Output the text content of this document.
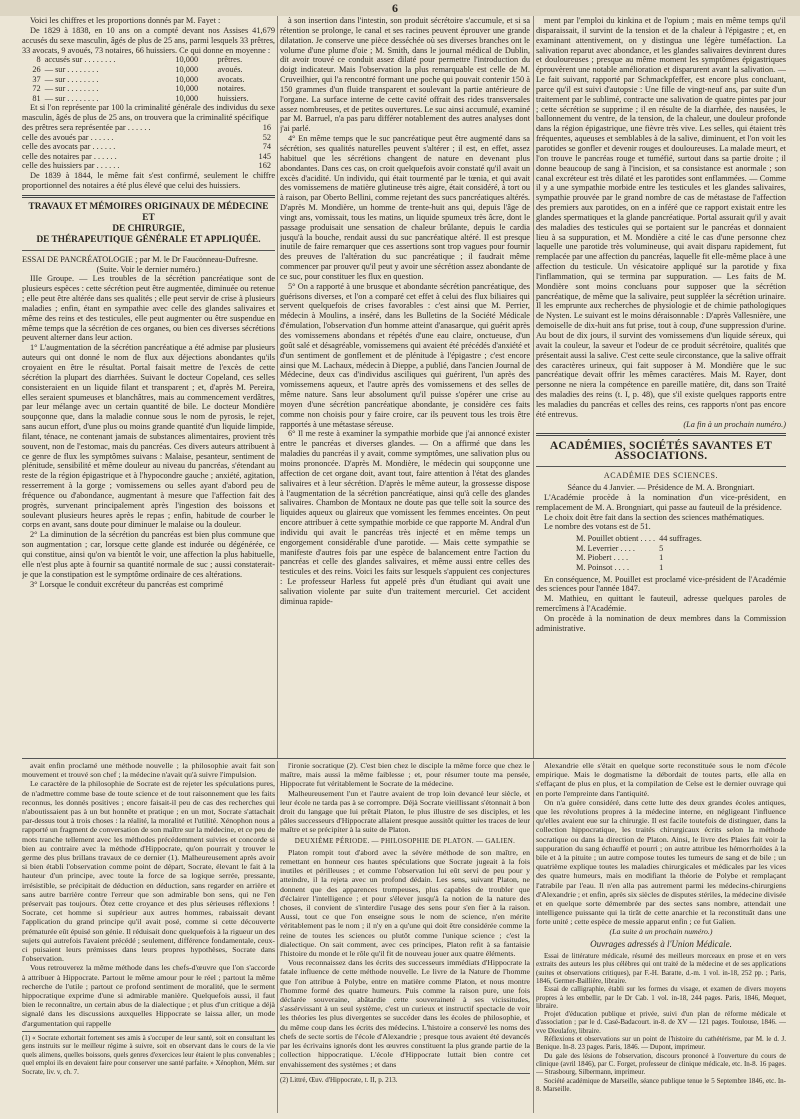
6

Voici les chiffres et les proportions donnés par M. Fayet :

De 1829 à 1838, en 10 ans on a compté devant nos Assises 41,679 accusés du sexe masculin, âgés de plus de 25 ans, parmi lesquels 33 prêtres, 33 avocats, 9 avoués, 73 notaires, 66 huissiers. Ce qui donne en moyenne :

8	accusés sur . . . . . . . .	10,000	prêtres.
26	— sur . . . . . . . .	10,000	avoués.
37	— sur . . . . . . . .	10,000	avocats.
72	— sur . . . . . . . .	10,000	notaires.
81	— sur . . . . . . . .	10,000	huissiers.

Et si l'on représente par 100 la criminalité générale des individus du sexe masculin, âgés de plus de 25 ans, on trouvera que la criminalité spécifique

des prêtres sera représentée par . . . . . .	16
celle des avoués par . . . . . .	52
celle des avocats par . . . . . .	74
celle des notaires par . . . . . .	145
celle des huissiers par . . . . . .	162

De 1839 à 1844, le même fait s'est confirmé, seulement le chiffre proportionnel des notaires a été plus élevé que celui des huissiers.

TRAVAUX ET MÉMOIRES ORIGINAUX DE MÉDECINE ET
DE CHIRURGIE,
DE THÉRAPEUTIQUE GÉNÉRALE ET APPLIQUÉE.

ESSAI DE PANCRÉATOLOGIE ; par M. le Dr Faucönneau-Dufresne.

(Suite. Voir le dernier numéro.)

IIIe Groupe. — Les troubles de la sécrétion pancréatique sont de plusieurs espèces : cette sécrétion peut être augmentée, diminuée ou retenue ; elle peut être altérée dans ses qualités ; elle peut servir de crise à plusieurs maladies ; enfin, étant en sympathie avec celle des glandes salivaires et même des reins et des testicules, elle peut augmenter ou être suspendue en même temps que la sécrétion de ces organes, ou bien ces diverses sécrétions peuvent alterner dans leur action.

1° L'augmentation de la sécrétion pancréatique a été admise par plusieurs auteurs qui ont donné le nom de flux aux déjections abondantes qu'ils croyaient en être le résultat. Portal faisait mettre de l'excès de cette sécrétion la plupart des diarrhées. Suivant le docteur Copeland, ces selles consisteraient en un liquide filant et transparent ; et, d'après M. Pereira, elles seraient spumeuses et blanchâtres, mais au commencement verdâtres, par leur mélange avec un certain quantité de bile. Le docteur Mondière soupçonne que, dans la maladie connue sous le nom de pyrosis, le rejet, sans aucun effort, d'une plus ou moins grande quantité d'un liquide limpide, filant, ténace, ne contenant jamais de substances alimentaires, provient très souvent, non de l'estomac, mais du pancréas. Ces divers auteurs attribuent à ce genre de flux les symptômes suivans : Malaise, pesanteur, sentiment de plénitude, sensibilité et même douleur au niveau du pancréas, s'étendant au reste de la région épigastrique et à l'hypocondre gauche ; anxiété, agitation, resserrement à la gorge ; vomissemens ou selles ayant d'abord peu de fréquence ou d'abondance, augmentant à mesure que l'affection fait des progrès, survenant principalement après l'ingestion des boissons et soulevant plusieurs heures après le repas ; enfin, habitude de courber le corps en avant, sans doute pour diminuer le malaise ou la douleur.

2° La diminution de la sécrétion du pancréas est bien plus commune que son augmentation ; car, lorsque cette glande est indurée ou dégénérée, ce qui constitue, ainsi qu'on va bientôt le voir, une affection la plus habituelle, elle n'est plus apte à fournir sa quantité normale de suc ; aussi constaterait-je que la constipation est le symptôme ordinaire de ces altérations.

3° Lorsque le conduit excréteur du pancréas est comprimé

à son insertion dans l'intestin, son produit sécrétoire s'accumule, et si sa rétention se prolonge, le canal et ses racines peuvent éprouver une grande dilatation. Je conserve une pièce desséchée où ses diverses branches ont le volume d'une plume d'oie ; M. Smith, dans le journal médical de Dublin, dit avoir trouvé ce conduit assez dilaté pour permettre l'introduction du doigt indicateur. Mais l'observation la plus remarquable est celle de M. Cruveilhier, qui l'a rencontré formant une poche qui pouvait contenir 150 à 150 grammes d'un fluide transparent et soulevant la partie antérieure de l'organe. La surface interne de cette cavité offrait des rides transversales assez nombreuses, et de petites ouvertures. Le suc ainsi accumulé, examiné par M. Barruel, n'a pas paru différer notablement des autres analyses dont j'ai parlé.

4° En même temps que le suc pancréatique peut être augmenté dans sa sécrétion, ses qualités naturelles peuvent s'altérer ; il est, en effet, assez habituel que les sécrétions changent de nature en devenant plus abondantes. Dans ces cas, on croit quelquefois avoir constaté qu'il avait un excès d'acidité. Un individu, qui était tourmenté par le tœnia, et qui avait des vomissemens de matière glutineuse très aigre, était considéré, à tort ou à raison, par Oberto Bellini, comme rejetant des sucs pancréatiques altérés. D'après M. Mondière, un homme de trente-huit ans qui, depuis l'âge de vingt ans, vomissait, tous les matins, un liquide spumeux très âcre, dont le passage produisait une sensation de chaleur brûlante, depuis le cardia jusqu'à la bouche, rendait aussi du suc pancréatique altéré. Il est presque inutile de faire remarquer que ces assertions sont trop vagues pour fournir des preuves de l'altération du suc pancréatique ; il faudrait même commencer par prouver qu'il peut y avoir une sécrétion assez abondante de ce suc, pour constituer les flux en question.

5° On a rapporté à une brusque et abondante sécrétion pancréatique, des guérisons diverses, et l'on a comparé cet effet à celui des flux biliaires qui servent quelquefois de crises favorables : c'est ainsi que M. Perrier, médecin à Moulins, a inséré, dans les Bulletins de la Société Médicale d'émulation, l'observation d'un homme atteint d'anasarque, qui guérit après des vomissemens abondans et répétés d'une eau claire, onctueuse, d'un goût salé et désagréable, vomissemens qui avaient été précédés d'anxiété et d'un sentiment de gonflement et de plénitude à l'épigastre ; c'est encore ainsi que M. Lachaux, médecin à Dieppe, a publié, dans l'ancien Journal de Médecine, deux cas d'individus asciliques qui guérirent, l'un après des vomissemens aqueux, et l'autre après des vomissemens et des selles de même nature. Sans leur absolument qu'il puisse s'opérer une crise au moyen d'une sécrétion pancréatique abondante, je considère ces faits comme non choisis pour y faire croire, car ils peuvent tous les trois être rapportés à une métastase séreuse.

6° Il me reste à examiner la sympathie morbide que j'ai annoncé exister entre le pancréas et diverses glandes. — On a affirmé que dans les maladies du pancréas il y avait, comme symptômes, une salivation plus ou moins prononcée. D'après M. Mondière, le médecin qui soupçonne une affection de cet organe doit, avant tout, faire attention à l'état des glandes salivaires et à leur sécrétion. D'après le même auteur, la grossesse dispose à l'augmentation de la sécrétion pancréatique, ainsi qu'à celle des glandes salivaires. Chambon de Montaux ne doute pas que telle soit la source des liquides aqueux ou glaireux que vomissent les femmes enceintes. On peut encore attribuer à cette sympathie morbide ce que rapporte M. Andral d'un individu qui avait le pancréas très injecté et en même temps un engorgement considérable d'une parotide. — Mais cette sympathie se manifeste d'autres fois par une espèce de balancement entre l'action du pancréas et celle des glandes salivaires, et même aussi entre celles des testicules et des reins. Voici les faits sur lesquels s'appuient ces conjectures : Le professeur Harless fut appelé près d'un étudiant qui avait une salivation violente par suite d'un traitement mercuriel. Cet accident diminua rapide-

ment par l'emploi du kinkina et de l'opium ; mais en même temps qu'il disparaissait, il survint de la tension et de la chaleur à l'épigastre ; et, en examinant attentivement, on y distingua une légère tuméfaction. La salivation reparut avec abondance, et les glandes salivaires devinrent dures et douloureuses ; presque au même moment les symptômes épigastriques éprouvèrent une notable amélioration et disparurent avant la salivation. — Le fait suivant, rapporté par Schmackpfeffer, est encore plus concluant, parce qu'il est suivi d'autopsie : Une fille de vingt-neuf ans, par suite d'un traitement par le sublimé, contracte une salivation de quatre pintes par jour ; cette sécrétion se supprime ; il en résulte de la diarrhée, des nausées, le ballonnement du ventre, de la tension, de la chaleur, une douleur profonde dans la région épigastrique, une fièvre très vive. Les selles, qui étaient très fréquentes, aqueuses et semblables à de la salive, diminuent, et l'on voit les parotides se gonfler et devenir rouges et douloureuses. La malade meurt, et l'on trouve le pancréas rouge et tuméfié, surtout dans sa partie droite ; il donne beaucoup de sang à l'incision, et sa consistance est anormale ; son canal excréteur est très dilaté et les parotides sont enflammées. — Comme il y a une sympathie morbide entre les testicules et les glandes salivaires, sympathie prouvée par le grand nombre de cas de métastase de l'affection des premiers aux parotides, on en a inféré que ce rapport existait entre les glandes spermatiques et la glande pancréatique. Portal assurait qu'il y avait des maladies des testicules qui se portaient sur le pancréas et donnaient lieu à sa suppuration, et M. Mondière a cité le cas d'une personne chez laquelle une parotide très volumineuse, qui avait disparu rapidement, fut remplacée par une affection du pancréas, laquelle fit elle-même place à une affection du testicule. Un vésicatoire appliqué sur la parotide y fixa l'inflammation, qui se termina par suppuration. — Les faits de M. Mondière sont moins concluans pour supposer que la sécrétion pancréatique, de même que la salivaire, peut suppléer la sécrétion urinaire. Il les emprunte aux recherches de physiologie et de chimie pathologiques de Nysten. Le suivant est le moins déraisonnable : D'après Vallesnière, une demoiselle de dix-huit ans fut prise, tout à coup, d'une suppression d'urine. Au bout de dix jours, il survint des vomissemens d'un liquide séreux, qui avait la couleur, la saveur et l'odeur de ce produit sécrétoire, qualités que présentait aussi la salive. C'est cette seule circonstance, que la salive offrait des caractères urineux, qui fait supposer à M. Mondière que le suc pancréatique devait offrir les mêmes caractères. Mais M. Rayer, dont personne ne niera la compétence en pareille matière, dit, dans son Traité des maladies des reins (t. I, p. 48), que s'il existe quelques rapports entre les maladies du pancréas et celles des reins, ces rapports n'ont pas encore été entrevus.

(La fin à un prochain numéro.)

ACADÉMIES, SOCIÉTÉS SAVANTES ET ASSOCIATIONS.
ACADÉMIE DES SCIENCES.

Séance du 4 Janvier. — Présidence de M. A. Brongniart.

L'Académie procède à la nomination d'un vice-président, en remplacement de M. A. Brongniart, qui passe au fauteuil de la présidence.

Le choix doit être fait dans la section des sciences mathématiques.

Le nombre des votans est de 51.

M. Pouillet obtient . . . .	44 suffrages.
M. Leverrier . . . .	5
M. Piobert . . . .	1
M. Poinsot . . . .	1

En conséquence, M. Pouillet est proclamé vice-président de l'Académie des sciences pour l'année 1847.

M. Mathieu, en quittant le fauteuil, adresse quelques paroles de remercîmens à l'Académie.

On procède à la nomination de deux membres dans la Commission administrative.

avait enfin proclamé une méthode nouvelle ; la philosophie avait fait son mouvement et trouvé son chef ; la médecine n'avait qu'à suivre l'impulsion.

Le caractère de la philosophie de Socrate est de rejeter les spéculations pures, de n'admettre comme base de toute science et de tout raisonnement que les faits reconnus, les donnés positives ; encore faisait-il peu de cas des recherches qui n'aboutissaient pas à un but honnête et pratique ; en un mot, Socrate s'attachait par-dessus tout à trois choses : la réalité, la moralité et l'utilité. Xénophon nous a rapporté un fragment de conversation de son maître sur la médecine, et ce peu de mots tranche tellement avec les méthodes précédemment suivies et concorde si bien au contraire avec la méthode d'Hippocrate, qu'on pourrait y trouver le germe des plus brillans travaux de ce dernier (1). Malheureusement après avoir si bien établi l'observation comme point de départ, Socrate, élevant le fait à la hauteur d'un principe, avec toute la force de sa logique serrée, pressante, irrésistible, se précipitait de déduction en déduction, sans regarder en arrière et sans autre barrière contre l'erreur que son admirable bon sens, qui ne l'en préservait pas toujours. Ôtez cette croyance et des plus sérieuses réflexions ! Socrate, cet homme si supérieur aux autres hommes, rabaissait devant l'application du grand principe qu'il avait posé, comme si cette découverte prématurée eût épuisé son génie. Il réduisait donc quelquefois à la rigueur un des sujets qui autrefois l'avaient précédé ; seulement, différence fondamentale, ceux-ci puisaient leurs prémisses dans leurs propres hypothèses, Socrate dans l'observation.

Vous retrouverez la même méthode dans les chefs-d'œuvre que l'on s'accorde à attribuer à Hippocrate. Partout le même amour pour le réel ; partout la même recherche de l'utile ; partout ce profond sentiment de moralité, que le serment hippocratique exprime d'une si admirable manière. Quelquefois aussi, il faut bien le reconnaître, un certain abus de la dialectique ; et plus d'un critique a déjà signalé dans les discussions auxquelles Hippocrate se laissa aller, un mode d'argumentation qui rappelle

(1) « Socrate exhortait fortement ses amis à s'occuper de leur santé, soit en consultant les gens instruits sur le meilleur régime à suivre, soit en observant dans le cours de la vie quels alimens, quelles boissons, quels genres d'exercices leur étaient le plus convenables ; quel emploi ils en devaient faire pour conserver une santé parfaite. » Xénophon, Mém. sur Socrate, liv. v, ch. 7.

l'ironie socratique (2). C'est bien chez le disciple la même force que chez le maître, mais aussi la même faiblesse ; et, pour résumer toute ma pensée, Hippocrate fut véritablement le Socrate de la médecine.

Malheureusement l'un et l'autre avaient de trop loin devancé leur siècle, et leur école ne tarda pas à se corrompre. Déjà Socrate vieillissant s'étonnait à bon droit du langage que lui prêtait Platon, le plus illustre de ses disciples, et les pâles successeurs d'Hippocrate allaient presque aussitôt quitter les traces de leur maître et se précipiter à la suite de Platon.

DEUXIÈME PÉRIODE. — PHILOSOPHIE DE PLATON. — GALIEN.

Platon rompit tout d'abord avec la sévère méthode de son maître, en remettant en honneur ces hautes spéculations que Socrate jugeait à la fois inutiles et périlleuses ; et comme l'observation lui eût servi de peu pour y atteindre, il la rejeta avec un profond dédain. Les sens, suivant Platon, ne donnent que des apparences trompeuses, plus capables de troubler que d'éclairer l'intelligence ; et pour s'élever jusqu'à la notion de la nature des choses, il convient de s'interdire l'usage des sens pour s'en fier à la raison. Aussi, tout ce que l'on enseigne sous le nom de science, n'en mérite véritablement pas le nom ; il n'y en a qu'une qui doit être considérée comme la reine de toutes les sciences ou plutôt comme l'unique science ; c'est la dialectique. On sait comment, avec ces principes, Platon refit à sa fantaisie l'histoire du monde et le rôle qu'il fit de nouveau jouer aux quatre éléments.

Vous reconnaissez dans les écrits des successeurs immédiats d'Hippocrate la fatale influence de cette méthode nouvelle. Le livre de la Nature de l'homme que l'on attribue à Polybe, entre en matière comme Platon, et nous montre l'homme formé des quatre humeurs. Puis comme la raison pure, une fois déclarée souveraine, abâtardie cette souveraineté à ses vicissitudes, s'assérvissant à un seul système, c'est un curieux et instructif spectacle de voir les théories les plus divergentes se succéder dans les écoles de philosophie, et du même coup dans les écrits des médecins. L'histoire a conservé les noms des chefs de secte sortis de l'école d'Alexandrie ; presque tous avaient été devancés par les écrivains ignorés dont les œuvres constituent la plus grande partie de la collection hippocratique. L'école d'Hippocrate luttait bien contre cet envahissement des systèmes ; et dans

(2) Littré, Œuv. d'Hippocrate, t. II, p. 213.

Alexandrie elle s'était en quelque sorte reconstituée sous le nom d'école empirique. Mais le dogmatisme la débordait de toutes parts, elle alla en s'effaçant de plus en plus, et la compilation de Celse est le dernier ouvrage qui en porte l'empreinte dans l'antiquité.

On n'a guère considéré, dans cette lutte des deux grandes écoles antiques, que les révolutions propres à la médecine interne, en négligeant l'influence qu'elles avaient eue sur la chirurgie. Il est facile toutefois de distinguer, dans la collection hippocratique, les traités chirurgicaux écrits selon la méthode socratique ou dans la direction de Platon. Ainsi, le livre des Plaies fait voir la suppuration du sang échauffé et pourri ; on autre attribue les hémorrhoïdes à la bile et à la pituite ; un autre compose toutes les tumeurs de sang et de bile ; un quatrième explique toutes les maladies chirurgicales et médicales par les vices des quatre humeurs, mais en modifiant la théorie de Polybe et remplaçant l'atrabile par l'eau. Il n'en alla pas autrement parmi les médecins-chirurgiens d'Alexandrie ; et enfin, après six siècles de disputes stériles, la médecine divisée et en quelque sorte démembrée par des sectes sans nombre, attendait une intelligence puissante qui la tirât de cette anarchie et la reconstituât dans une forte unité ; cette espèce de messie apparut enfin ; ce fut Galien.

(La suite à un prochain numéro.)

Ouvrages adressés à l'Union Médicale.

Essai de littérature médicale, résumé des meilleurs morceaux en prose et en vers extraits des auteurs les plus célèbres qui ont traité de la médecine et de ses applications (suites et observations critiques), par F.-H. Baratte, d.-m. 1 vol. in-18, 252 pp. ; Paris, 1846, Germer-Baillière, libraire.

Essai de calligraphie, établi sur les formes du visage, et examen de divers moyens propres à les embellir, par le Dr Cab. 1 vol. in-18, 244 pages. Paris, 1846, Mequet, libraire.

Projet d'éducation publique et privée, suivi d'un plan de réforme médicale et d'association ; par le d. Casé-Badacourt. in-8. de XV — 121 pages. Toulouse, 1846. — vve Dieulafoy, libraire.

Réflexions et observations sur un point de l'histoire du cathétérisme, par M. le d. J. Benique. In-8. 23 pages. Paris, 1846. — Dupont, imprimeur.

Du gale des lésions de l'observation, discours prononcé à l'ouverture du cours de clinique (avril 1846), par C. Forget, professeur de clinique médicale, etc. In-8. 16 pages. — Strasbourg, Silbermann, imprimeur.

Société académique de Marseille, séance publique tenue le 5 Septembre 1846, etc. In-8. Marseille.
